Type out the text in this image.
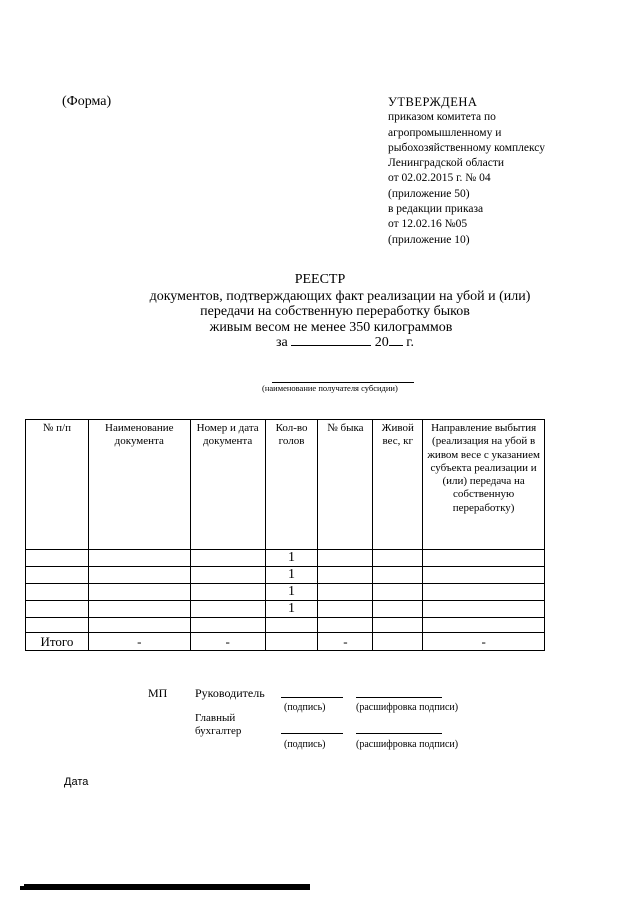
(Форма)	УТВЕРЖДЕНА
приказом комитета по
агропромышленному и
рыбохозяйственному комплексу
Ленинградской области
от 02.02.2015 г. № 04
(приложение 50)
в редакции приказа
от 12.02.16 №05
(приложение 10)
РЕЕСТР
документов, подтверждающих факт реализации на убой и (или)
передачи на собственную переработку быков
живым весом не менее 350 килограммов
за	20 г.
(наименование получателя субсидии)
№ п/п	Наименование документа	Номер и дата документа	Кол-во голов	№ быка	Живой вес, кг	Направление выбытия (реализация на убой в живом весе с указанием субъекта реализации и (или) передача на собственную переработку)
			1			
			1			
			1			
			1			

Итого	-	-		-		-
МП Руководитель
(подпись)	(расшифровка подписи)
Главный
бухгалтер
(подпись)	(расшифровка подписи)
Дата
